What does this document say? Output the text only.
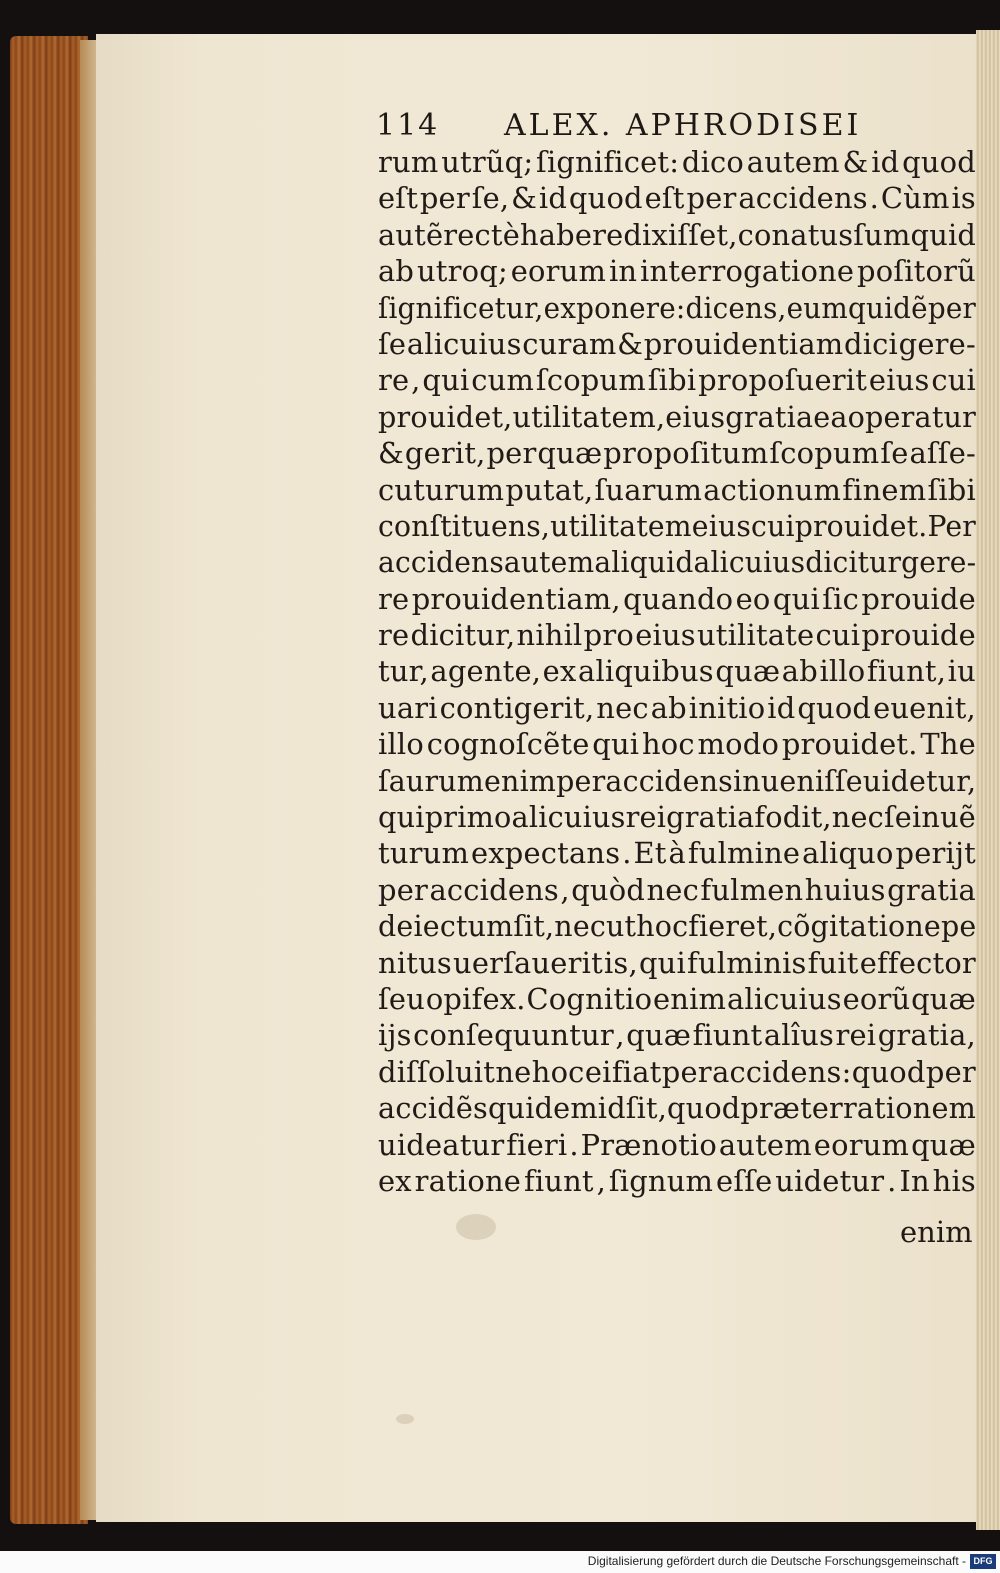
114 ALEX. APHRODISEI
rum utrũq; ſignificet: dico autem & id quod
eſt per ſe, & id quod eſt per accidens . Cùm is
autẽ rectè habere dixiſſet , conatus ſum quid
ab utroq; eorum in interrogatione poſitorũ
ſignificetur, exponere: dicens, eum quidẽ per
ſe alicuius curam & prouidentiam dici gere-
re , qui cum ſcopum ſibi propoſuerit eius cui
prouidet, utilitatem , eius gratia ea operatur
& gerit, per quæ propoſitum ſcopum ſe aſſe-
cuturum putat, ſuarum actionum finem ſibi
conſtituens, utilitatem eius cui prouidet. Per
accidens autem aliquid alicuius dicitur gere-
re prouidentiam, quando eo qui ſic prouide
re dicitur, nihil pro eius utilitate cui prouide
tur, agente, ex aliquibus quæ ab illo fiunt, iu
uari contigerit, nec ab initio id quod euenit,
illo cognoſcẽte qui hoc modo prouidet. The
ſaurum enim per accidens inueniſſe uidetur,
qui primo alicuius rei gratia fodit, nec ſe inuẽ
turum expectans . Et à fulmine aliquo perijt
per accidens , quòd nec fulmen huius gratia
deiectum ſit, nec ut hoc fieret, cõgitatione pe
nitus uerſauerit is, qui fulminis fuit effector
ſeu opifex. Cognitio enim alicuius eorũ quæ
ijs conſequuntur , quæ fiunt alîus rei gratia,
diſſoluit ne hoc ei fiat per accidens: quod per
accidẽs quidem id ſit, quod præter rationem
uideatur fieri . Prænotio autem eorum quæ
ex ratione fiunt , ſignum eſſe uidetur . In his
enim
Digitalisierung gefördert durch die Deutsche Forschungsgemeinschaft - DFG
